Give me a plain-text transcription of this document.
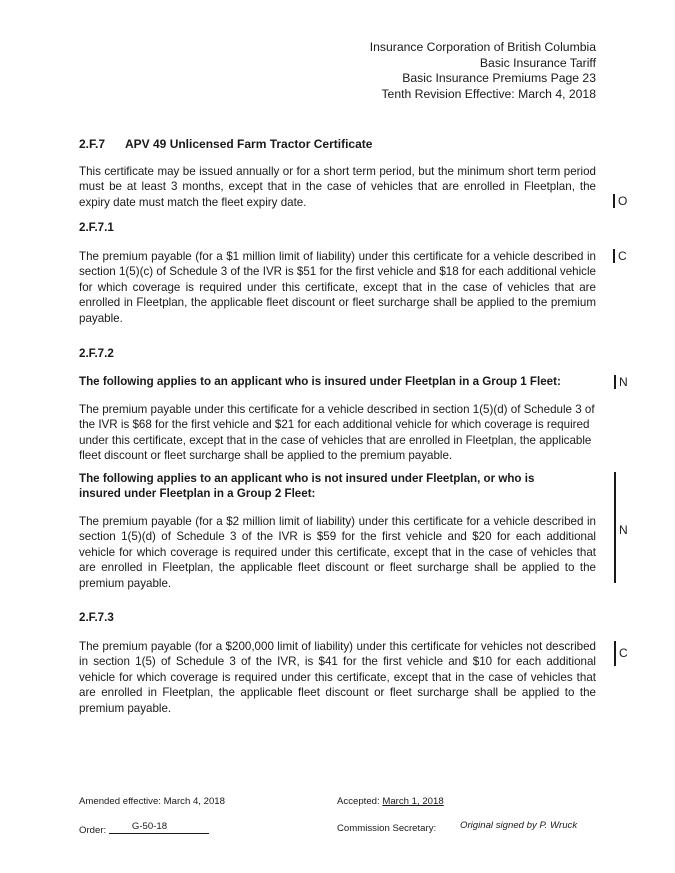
Insurance Corporation of British Columbia
Basic Insurance Tariff
Basic Insurance Premiums Page 23
Tenth Revision Effective: March 4, 2018
2.F.7 APV 49 Unlicensed Farm Tractor Certificate
This certificate may be issued annually or for a short term period, but the minimum short term period must be at least 3 months, except that in the case of vehicles that are enrolled in Fleetplan, the expiry date must match the fleet expiry date.	O
2.F.7.1
The premium payable (for a $1 million limit of liability) under this certificate for a vehicle described in section 1(5)(c) of Schedule 3 of the IVR is $51 for the first vehicle and $18 for each additional vehicle for which coverage is required under this certificate, except that in the case of vehicles that are enrolled in Fleetplan, the applicable fleet discount or fleet surcharge shall be applied to the premium payable.
C
2.F.7.2
The following applies to an applicant who is insured under Fleetplan in a Group 1 Fleet:	N
The premium payable under this certificate for a vehicle described in section 1(5)(d) of Schedule 3 of the IVR is $68 for the first vehicle and $21 for each additional vehicle for which coverage is required under this certificate, except that in the case of vehicles that are enrolled in Fleetplan, the applicable fleet discount or fleet surcharge shall be applied to the premium payable.
The following applies to an applicant who is not insured under Fleetplan, or who is insured under Fleetplan in a Group 2 Fleet:
The premium payable (for a $2 million limit of liability) under this certificate for a vehicle described in section 1(5)(d) of Schedule 3 of the IVR is $59 for the first vehicle and $20 for each additional vehicle for which coverage is required under this certificate, except that in the case of vehicles that are enrolled in Fleetplan, the applicable fleet discount or fleet surcharge shall be applied to the premium payable.
N
2.F.7.3
The premium payable (for a $200,000 limit of liability) under this certificate for vehicles not described in section 1(5) of Schedule 3 of the IVR, is $41 for the first vehicle and $10 for each additional vehicle for which coverage is required under this certificate, except that in the case of vehicles that are enrolled in Fleetplan, the applicable fleet discount or fleet surcharge shall be applied to the premium payable.
C
Amended effective: March 4, 2018	Accepted: March 1, 2018
Order:	G-50-18	Commission Secretary: Original signed by P. Wruck
